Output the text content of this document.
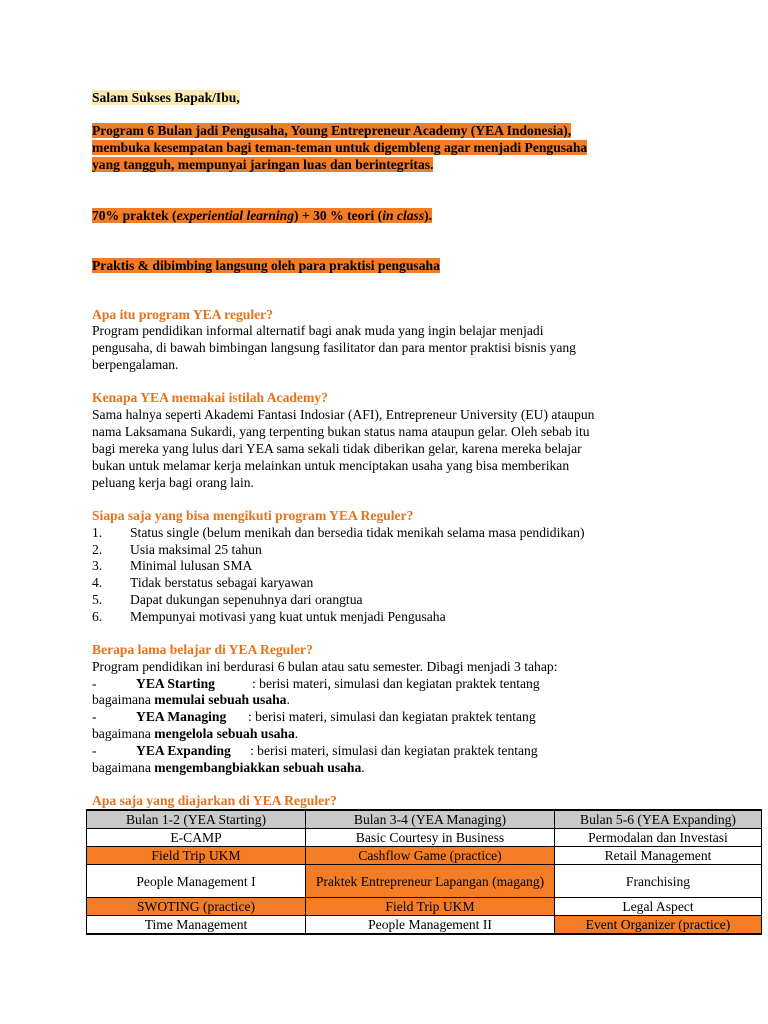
Salam Sukses Bapak/Ibu,
Program 6 Bulan jadi Pengusaha, Young Entrepreneur Academy (YEA Indonesia),
membuka kesempatan bagi teman-teman untuk digembleng agar menjadi Pengusaha
yang tangguh, mempunyai jaringan luas dan berintegritas.
70% praktek (experiential learning) + 30 % teori (in class).
Praktis & dibimbing langsung oleh para praktisi pengusaha
Apa itu program YEA reguler?
Program pendidikan informal alternatif bagi anak muda yang ingin belajar menjadi
pengusaha, di bawah bimbingan langsung fasilitator dan para mentor praktisi bisnis yang
berpengalaman.
Kenapa YEA memakai istilah Academy?
Sama halnya seperti Akademi Fantasi Indosiar (AFI), Entrepreneur University (EU) ataupun
nama Laksamana Sukardi, yang terpenting bukan status nama ataupun gelar. Oleh sebab itu
bagi mereka yang lulus dari YEA sama sekali tidak diberikan gelar, karena mereka belajar
bukan untuk melamar kerja melainkan untuk menciptakan usaha yang bisa memberikan
peluang kerja bagi orang lain.
Siapa saja yang bisa mengikuti program YEA Reguler?
1. Status single (belum menikah dan bersedia tidak menikah selama masa pendidikan)
2. Usia maksimal 25 tahun
3. Minimal lulusan SMA
4. Tidak berstatus sebagai karyawan
5. Dapat dukungan sepenuhnya dari orangtua
6. Mempunyai motivasi yang kuat untuk menjadi Pengusaha
Berapa lama belajar di YEA Reguler?
Program pendidikan ini berdurasi 6 bulan atau satu semester. Dibagi menjadi 3 tahap:
-	YEA Starting	: berisi materi, simulasi dan kegiatan praktek tentang
bagaimana memulai sebuah usaha.
-	YEA Managing : berisi materi, simulasi dan kegiatan praktek tentang
bagaimana mengelola sebuah usaha.
-	YEA Expanding : berisi materi, simulasi dan kegiatan praktek tentang
bagaimana mengembangbiakkan sebuah usaha.
Apa saja yang diajarkan di YEA Reguler?
Bulan 1-2 (YEA Starting)	Bulan 3-4 (YEA Managing)	Bulan 5-6 (YEA Expanding)
E-CAMP	Basic Courtesy in Business	Permodalan dan Investasi
Field Trip UKM	Cashflow Game (practice)	Retail Management
People Management I	Praktek Entrepreneur Lapangan (magang)	Franchising
SWOTING (practice)	Field Trip UKM	Legal Aspect
Time Management	People Management II	Event Organizer (practice)
